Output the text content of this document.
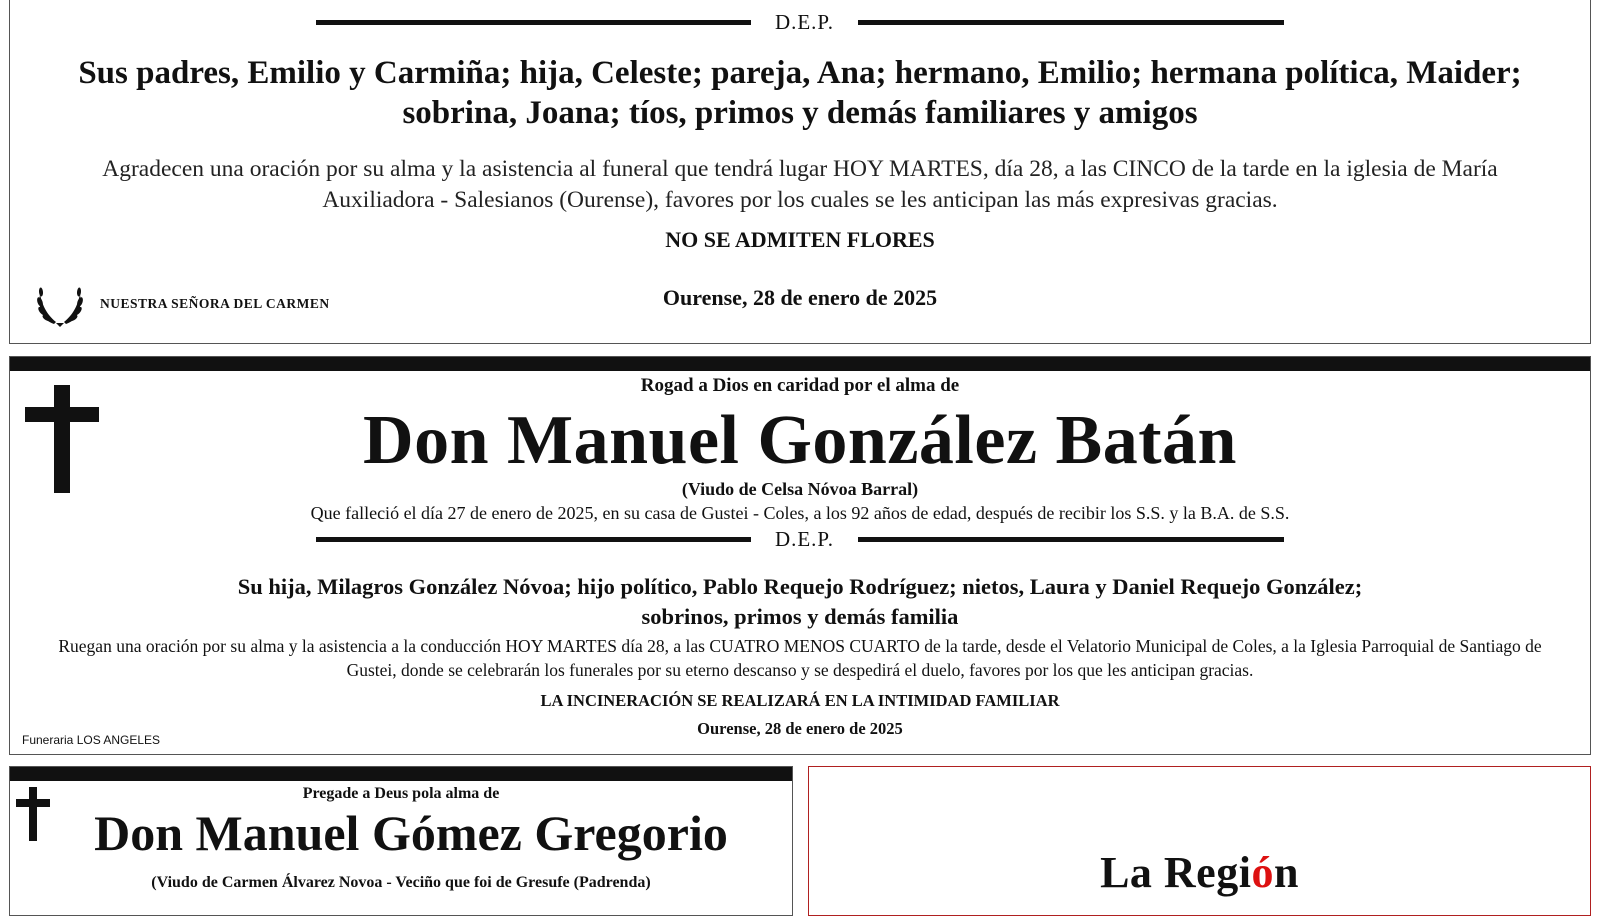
D.E.P.
Sus padres, Emilio y Carmiña; hija, Celeste; pareja, Ana; hermano, Emilio; hermana política, Maider; sobrina, Joana; tíos, primos y demás familiares y amigos
Agradecen una oración por su alma y la asistencia al funeral que tendrá lugar HOY MARTES, día 28, a las CINCO de la tarde en la iglesia de María Auxiliadora - Salesianos (Ourense), favores por los cuales se les anticipan las más expresivas gracias.
NO SE ADMITEN FLORES
Ourense, 28 de enero de 2025
NUESTRA SEÑORA DEL CARMEN
Rogad a Dios en caridad por el alma de
Don Manuel González Batán
(Viudo de Celsa Nóvoa Barral)
Que falleció el día 27 de enero de 2025, en su casa de Gustei - Coles, a los 92 años de edad, después de recibir los S.S. y la B.A. de S.S.
D.E.P.
Su hija, Milagros González Nóvoa; hijo político, Pablo Requejo Rodríguez; nietos, Laura y Daniel Requejo González;
sobrinos, primos y demás familia
Ruegan una oración por su alma y la asistencia a la conducción HOY MARTES día 28, a las CUATRO MENOS CUARTO de la tarde, desde el Velatorio Municipal de Coles, a la Iglesia Parroquial de Santiago de Gustei, donde se celebrarán los funerales por su eterno descanso y se despedirá el duelo, favores por los que les anticipan gracias.
LA INCINERACIÓN SE REALIZARÁ EN LA INTIMIDAD FAMILIAR
Ourense, 28 de enero de 2025
Funeraria LOS ANGELES
Pregade a Deus pola alma de
Don Manuel Gómez Gregorio
(Viudo de Carmen Álvarez Novoa - Veciño que foi de Gresufe (Padrenda)	La Región
